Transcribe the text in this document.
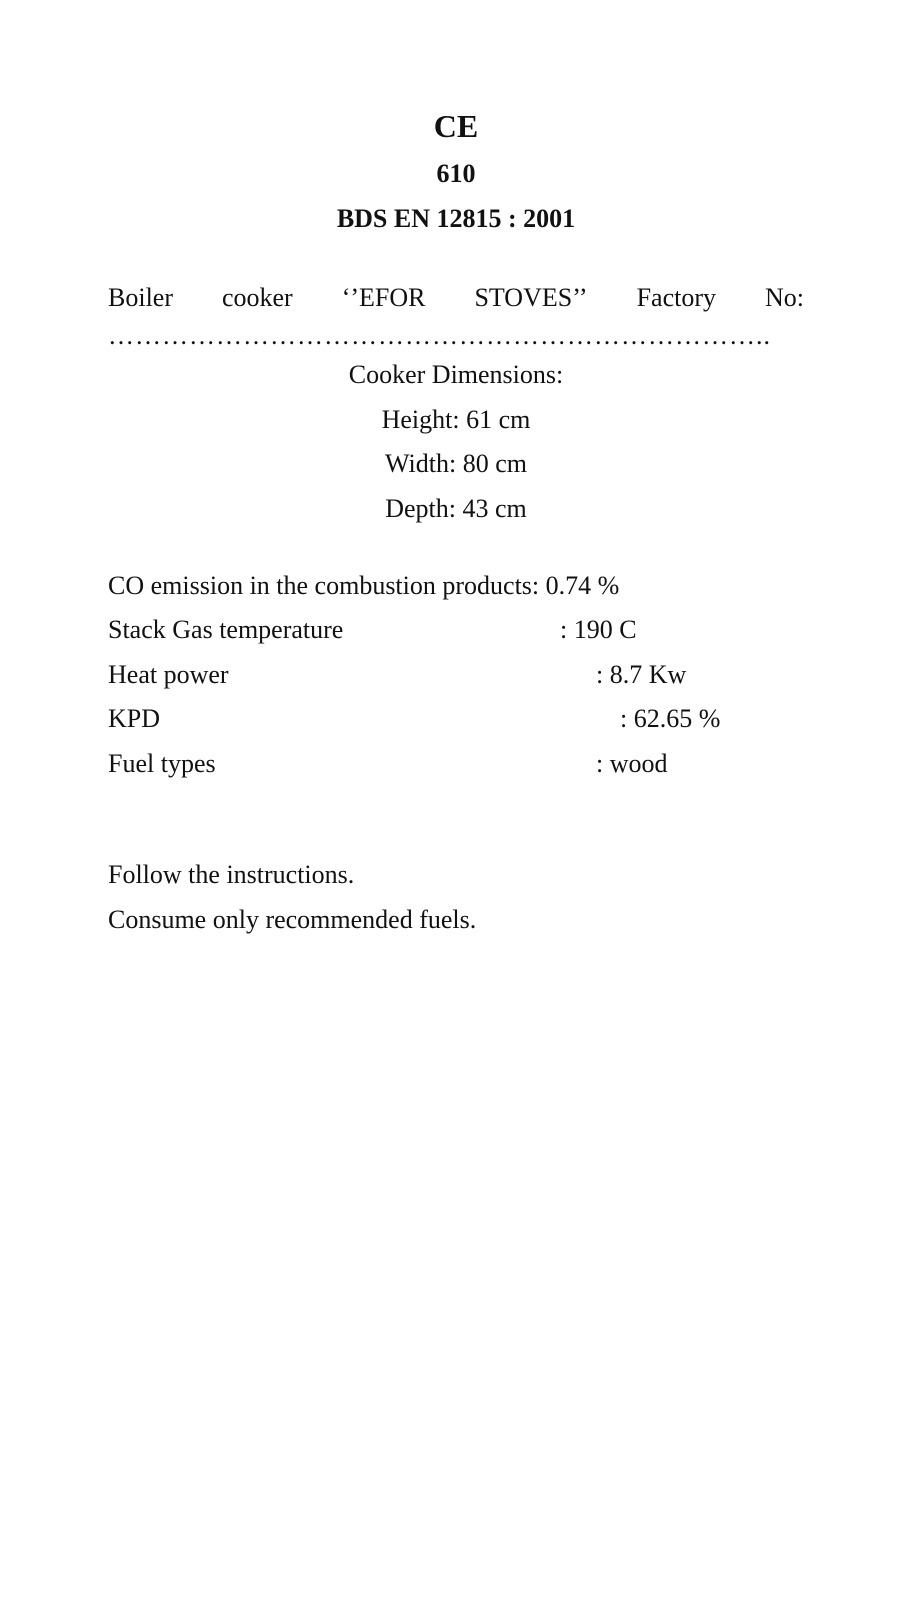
CE
610
BDS EN 12815 : 2001
Boiler cooker ‘’EFOR STOVES’’ Factory No:
………………………………………………………………..
Cooker Dimensions:
Height: 61 cm
Width: 80 cm
Depth: 43 cm
CO emission in the combustion products: 0.74 %
Stack Gas temperature	: 190 C
Heat power	: 8.7 Kw
KPD	: 62.65 %
Fuel types	: wood
Follow the instructions.
Consume only recommended fuels.
